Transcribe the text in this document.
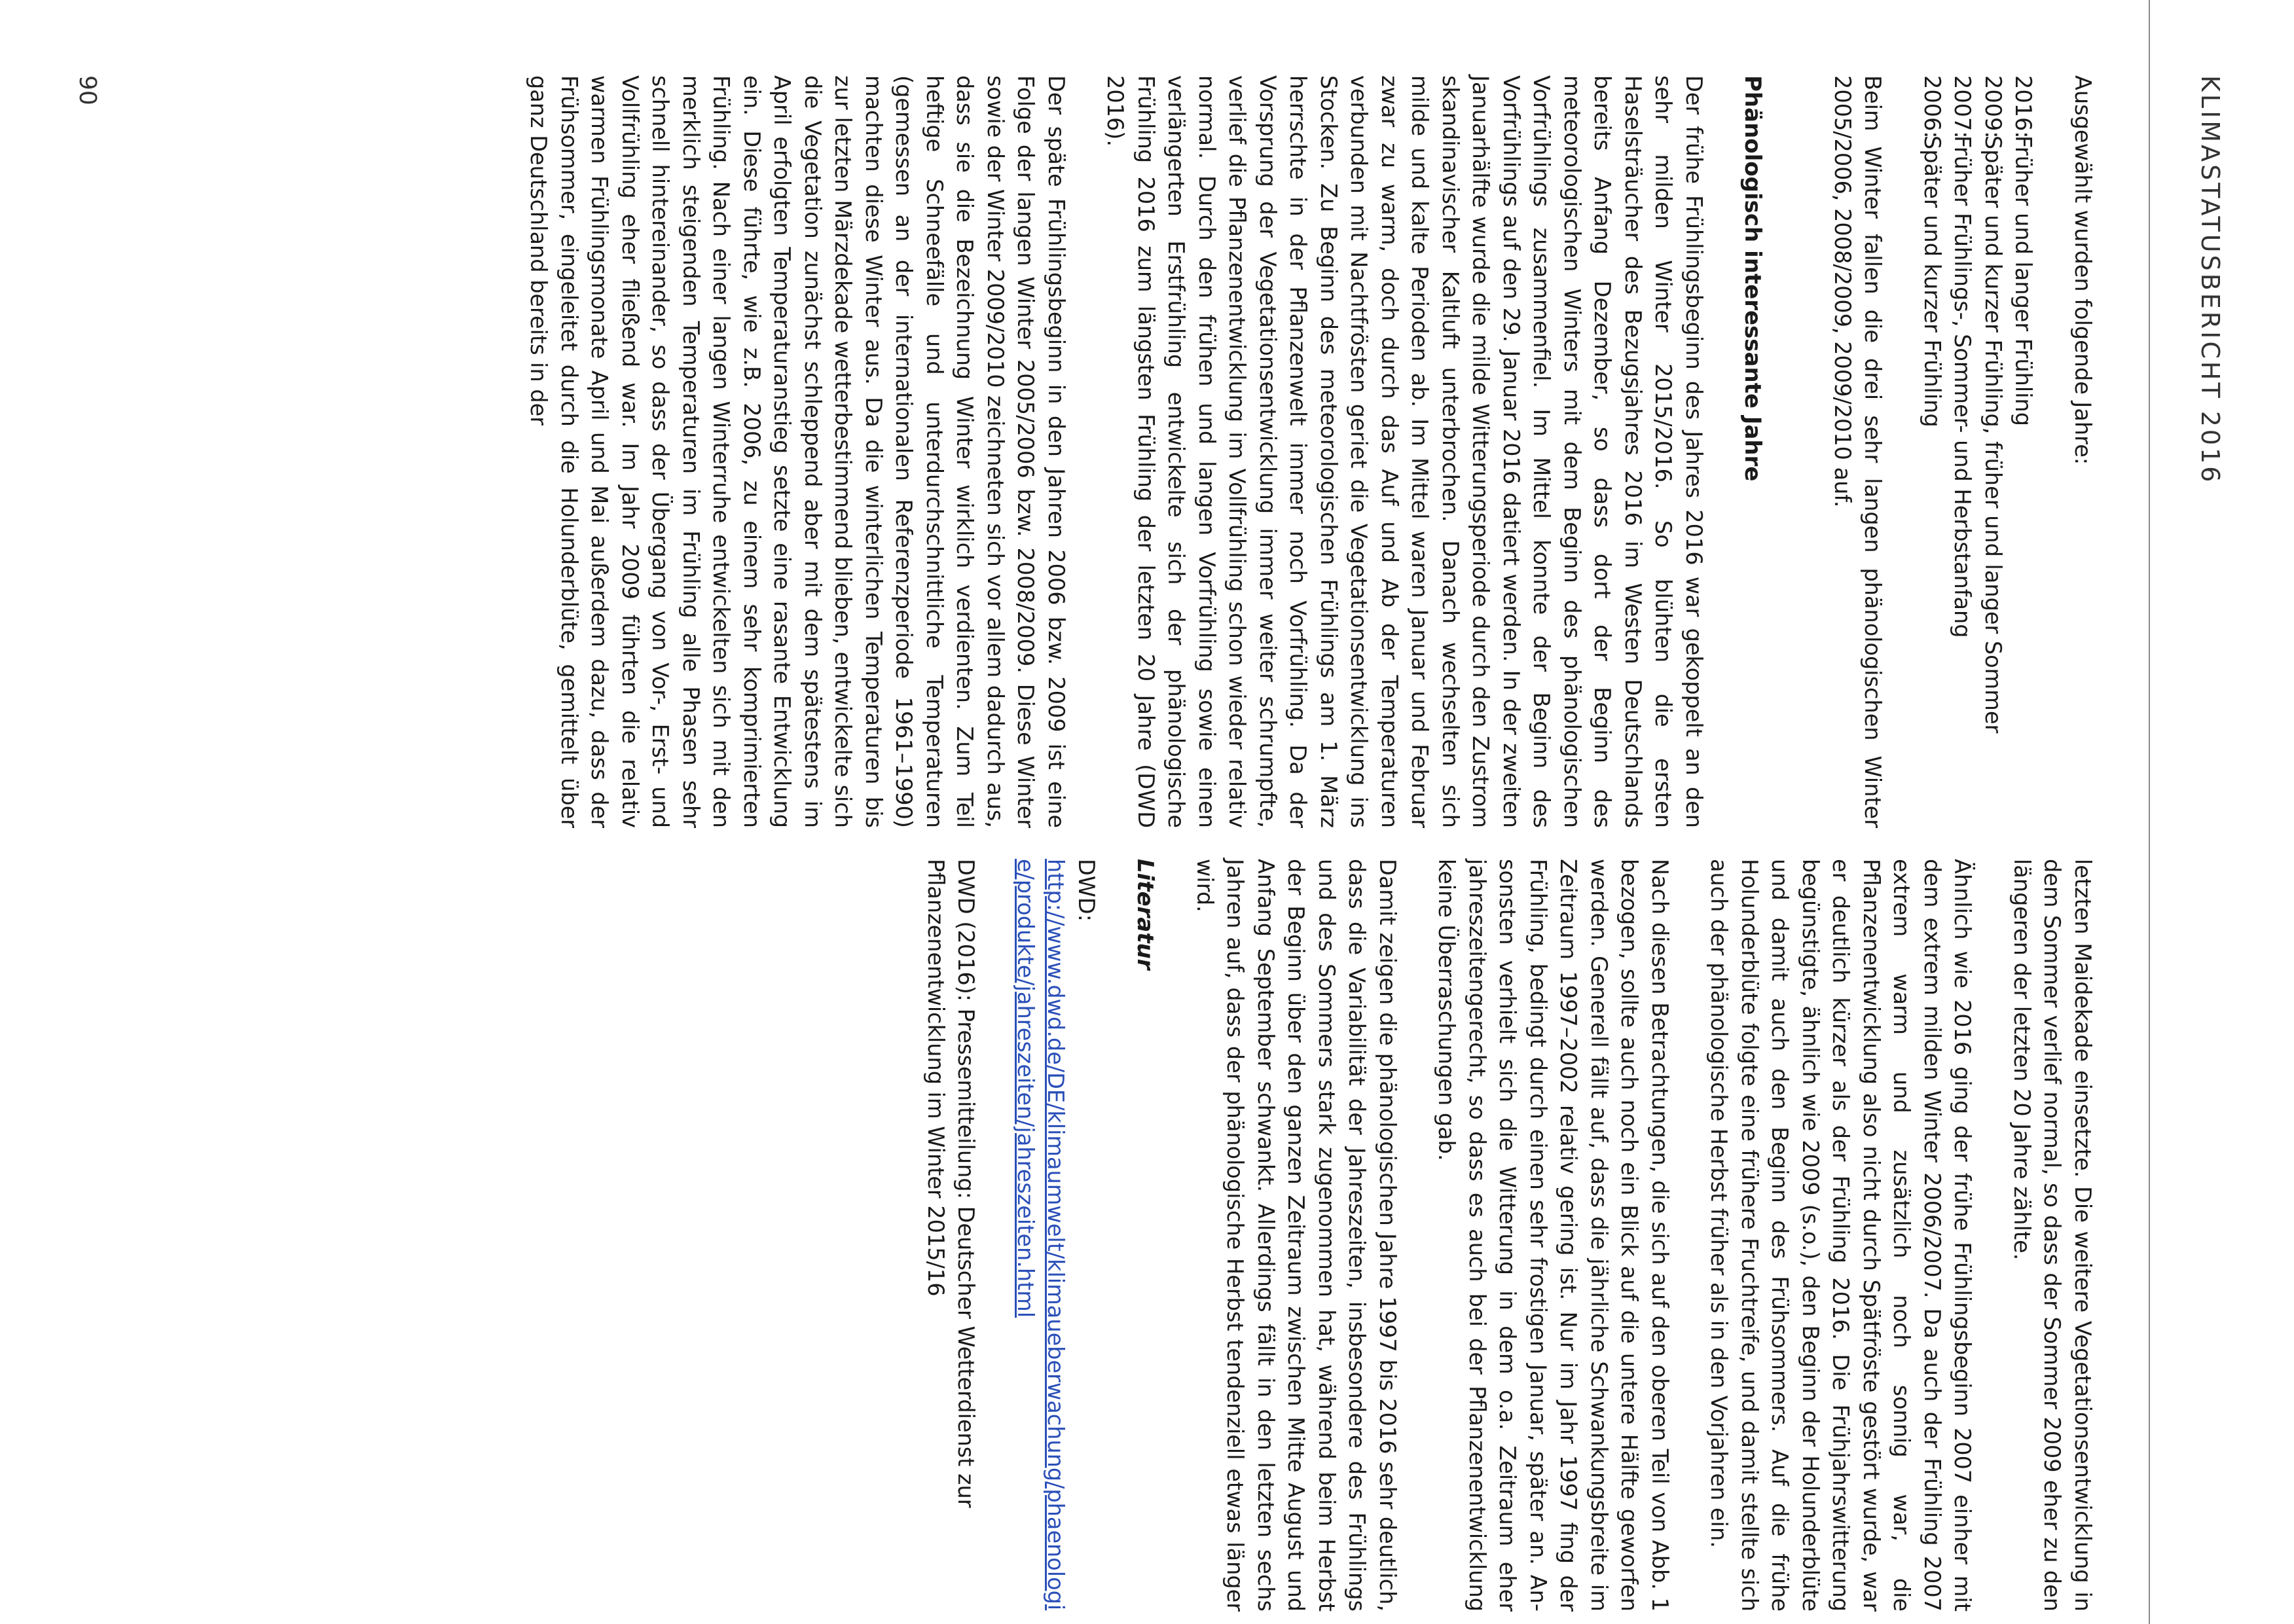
KLIMASTATUSBERICHT 2016

Ausgewählt wurden folgende Jahre:

2016:
Früher und langer Frühling
2009:
Später und kurzer Frühling, früher und langer Sommer
2007:
Früher Frühlings-, Sommer- und Herbstanfang
2006:
Später und kurzer Frühling

Beim Winter fallen die drei sehr langen phänologischen Winter 2005/2006, 2008/2009, 2009/2010 auf.

Phänologisch interessante Jahre

Der frühe Frühlingsbeginn des Jahres 2016 war gekoppelt an den sehr milden Winter 2015/2016. So blühten die ersten Haselsträucher des Bezugsjahres 2016 im Westen Deutschlands bereits Anfang Dezember, so dass dort der Beginn des meteorologischen Winters mit dem Beginn des phänologischen Vorfrühlings zusammenfiel. Im Mittel konnte der Beginn des Vorfrühlings auf den 29. Januar 2016 datiert werden. In der zweiten Januarhälfte wurde die milde Witterungsperiode durch den Zustrom skandinavischer Kaltluft unterbrochen. Danach wechselten sich milde und kalte Perioden ab. Im Mittel waren Januar und Februar zwar zu warm, doch durch das Auf und Ab der Temperaturen verbunden mit Nachtfrösten geriet die Vegetationsentwicklung ins Stocken. Zu Beginn des meteorologischen Frühlings am 1. März herrschte in der Pflanzenwelt immer noch Vorfrühling. Da der Vorsprung der Vegetationsentwicklung immer weiter schrumpfte, verlief die Pflanzenentwicklung im Vollfrühling schon wieder relativ normal. Durch den frühen und langen Vorfrühling sowie einen verlängerten Erstfrühling entwickelte sich der phänologische Frühling 2016 zum längsten Frühling der letzten 20 Jahre (DWD 2016).

Der späte Frühlingsbeginn in den Jahren 2006 bzw. 2009 ist eine Folge der langen Winter 2005/2006 bzw. 2008/2009. Diese Winter sowie der Winter 2009/2010 zeichneten sich vor allem dadurch aus, dass sie die Bezeichnung Winter wirklich verdienten. Zum Teil heftige Schneefälle und unterdurchschnittliche Temperaturen (gemessen an der internationalen Referenzperiode 1961–1990) machten diese Winter aus. Da die winterlichen Temperaturen bis zur letzten Märzdekade wetterbestimmend blieben, entwickelte sich die Vegetation zunächst schleppend aber mit dem spätestens im April erfolgten Temperaturanstieg setzte eine rasante Entwicklung ein. Diese führte, wie z.B. 2006, zu einem sehr komprimierten Frühling. Nach einer langen Winterruhe entwickelten sich mit den merklich steigenden Temperaturen im Frühling alle Phasen sehr schnell hintereinander, so dass der Übergang von Vor-, Erst- und Vollfrühling eher fließend war. Im Jahr 2009 führten die relativ warmen Frühlingsmonate April und Mai außerdem dazu, dass der Frühsommer, eingeleitet durch die Holunderblüte, gemittelt über ganz Deutschland bereits in der

letzten Maidekade einsetzte. Die weitere Vegetationsentwicklung in dem Sommer verlief normal, so dass der Sommer 2009 eher zu den längeren der letzten 20 Jahre zählte.

Ähnlich wie 2016 ging der frühe Frühlingsbeginn 2007 einher mit dem extrem milden Winter 2006/2007. Da auch der Frühling 2007 extrem warm und zusätzlich noch sonnig war, die Pflanzenentwicklung also nicht durch Spätfröste gestört wurde, war er deutlich kürzer als der Frühling 2016. Die Frühjahrswitterung begünstigte, ähnlich wie 2009 (s.o.), den Beginn der Holunderblüte und damit auch den Beginn des Frühsommers. Auf die frühe Holunderblüte folgte eine frühere Fruchtreife, und damit stellte sich auch der phänologische Herbst früher als in den Vorjahren ein.

Nach diesen Betrachtungen, die sich auf den oberen Teil von Abb. 1 bezogen, sollte auch noch ein Blick auf die untere Hälfte geworfen werden. Generell fällt auf, dass die jährliche Schwankungsbreite im Zeitraum 1997–2002 relativ gering ist. Nur im Jahr 1997 fing der Frühling, bedingt durch einen sehr frostigen Januar, später an. Ansonsten verhielt sich die Witterung in dem o.a. Zeitraum eher jahreszeitengerecht, so dass es auch bei der Pflanzenentwicklung keine Überraschungen gab.

Damit zeigen die phänologischen Jahre 1997 bis 2016 sehr deutlich, dass die Variabilität der Jahreszeiten, insbesondere des Frühlings und des Sommers stark zugenommen hat, während beim Herbst der Beginn über den ganzen Zeitraum zwischen Mitte August und Anfang September schwankt. Allerdings fällt in den letzten sechs Jahren auf, dass der phänologische Herbst tendenziell etwas länger wird.

Literatur
DWD:

http://www.dwd.de/DE/klimaumwelt/klimaueberwachung/phaenologie/produkte/jahreszeiten/jahreszeiten.html

DWD (2016): Pressemitteilung: Deutscher Wetterdienst zur Pflanzenentwicklung im Winter 2015/16

90
